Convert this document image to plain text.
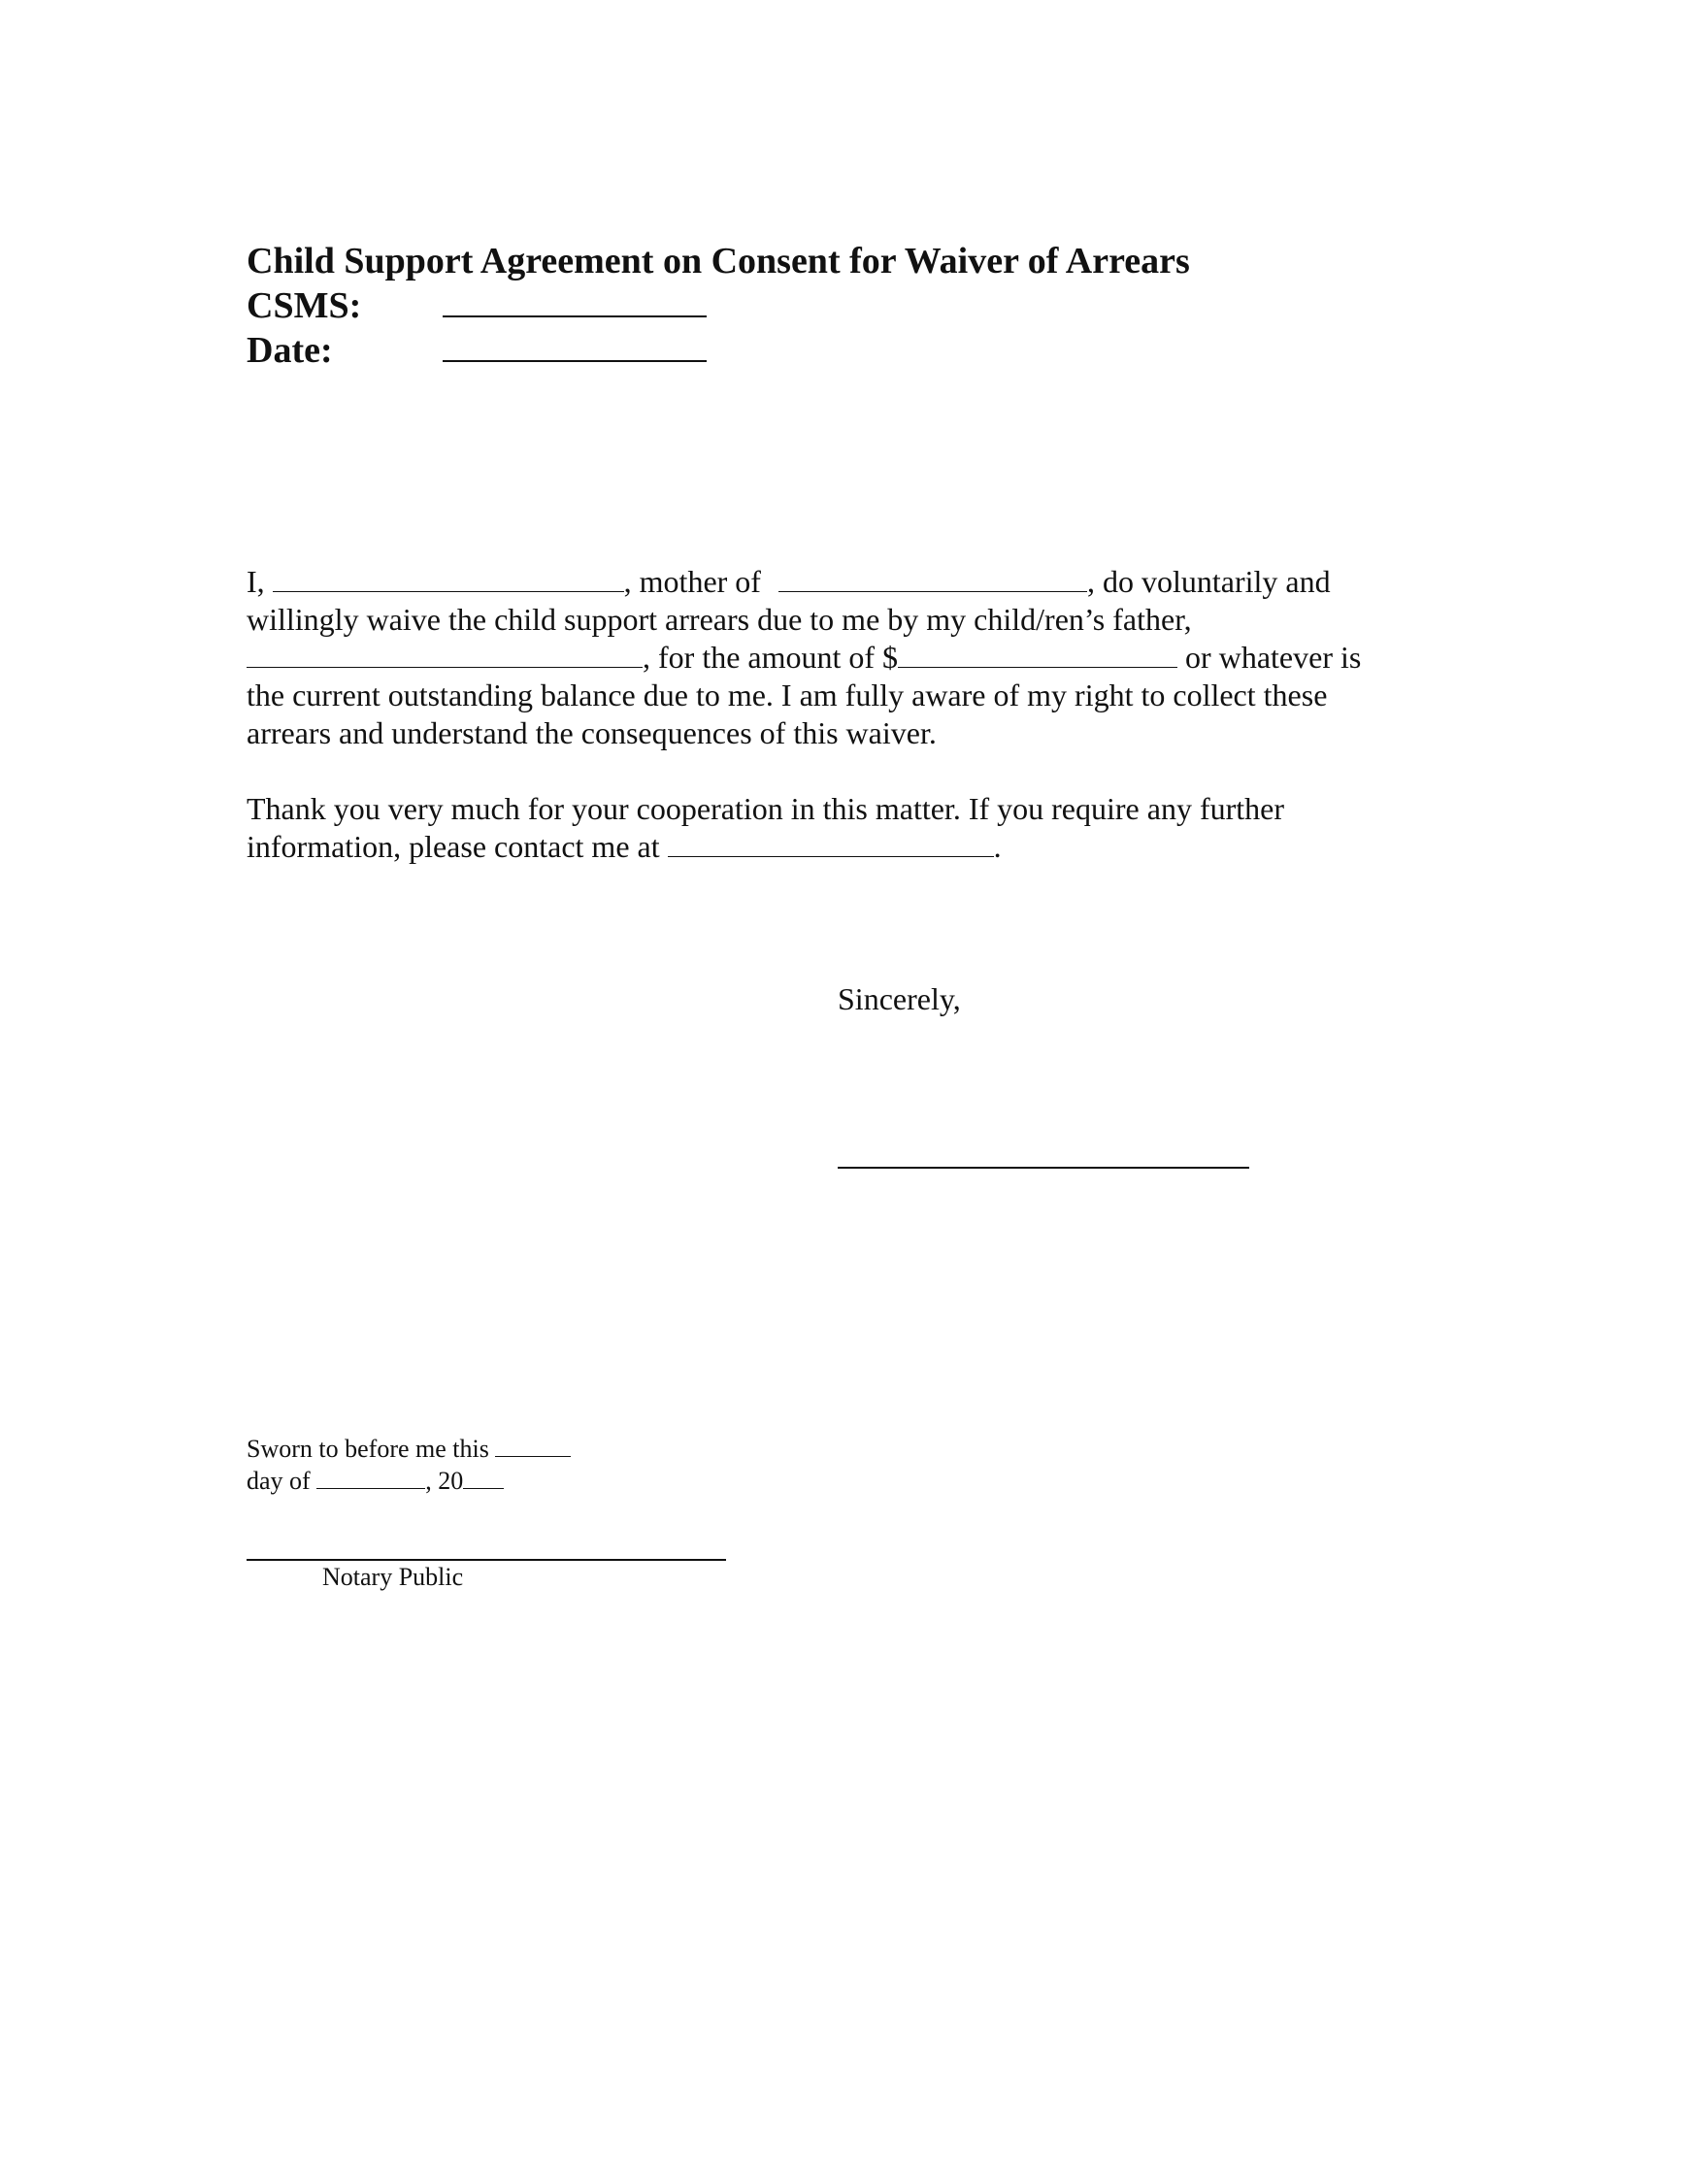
Child Support Agreement on Consent for Waiver of Arrears
CSMS:
Date:
I,	, mother of	, do voluntarily and
willingly waive the child support arrears due to me by my child/ren’s father,
, for the amount of $	or whatever is
the current outstanding balance due to me. I am fully aware of my right to collect these
arrears and understand the consequences of this waiver.
Thank you very much for your cooperation in this matter. If you require any further
information, please contact me at	.
Sincerely,
Sworn to before me this
day of	, 20
Notary Public
